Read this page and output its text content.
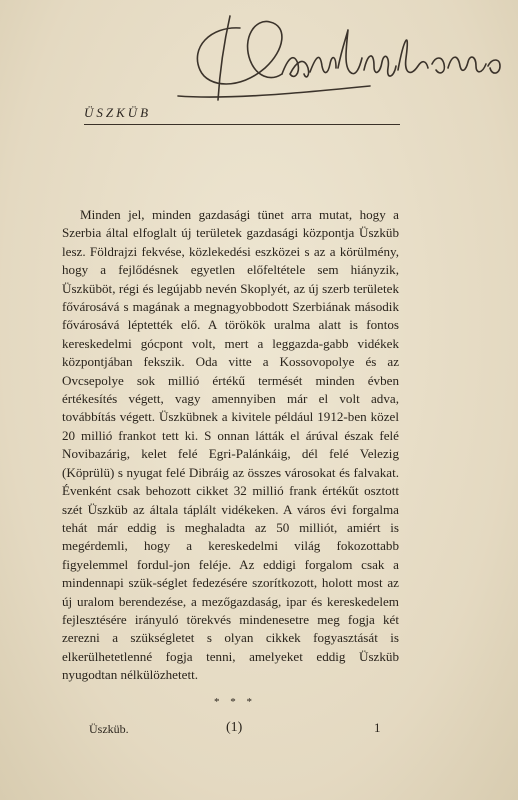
ÜSZKÜB

Minden jel, minden gazdasági tünet arra mutat, hogy a Szerbia által elfoglalt új területek gazdasági központja Üszküb lesz. Földrajzi fekvése, közlekedési eszközei s az a körülmény, hogy a fejlődésnek egyetlen előfeltétele sem hiányzik, Üszküböt, régi és legújabb nevén Skoplyét, az új szerb területek fővárosává s magának a megnagyobbodott Szerbiának második fővárosává léptették elő. A törökök uralma alatt is fontos kereskedelmi gócpont volt, mert a leggazda-gabb vidékek központjában fekszik. Oda vitte a Kossovopolye és az Ovcsepolye sok millió értékű termését minden évben értékesítés végett, vagy amennyiben már el volt adva, továbbítás végett. Üszkübnek a kivitele például 1912-ben közel 20 millió frankot tett ki. S onnan látták el árúval észak felé Novibazárig, kelet felé Egri-Palánkáig, dél felé Velezig (Köprülü) s nyugat felé Dibráig az összes városokat és falvakat. Évenként csak behozott cikket 32 millió frank értékűt osztott szét Üszküb az általa táplált vidékeken. A város évi forgalma tehát már eddig is meghaladta az 50 milliót, amiért is megérdemli, hogy a kereskedelmi világ fokozottabb figyelemmel fordul-jon feléje. Az eddigi forgalom csak a mindennapi szük-séglet fedezésére szorítkozott, holott most az új uralom berendezése, a mezőgazdaság, ipar és kereskedelem fejlesztésére irányuló törekvés mindenesetre meg fogja két zerezni a szükségletet s olyan cikkek fogyasztását is elkerülhetetlenné fogja tenni, amelyeket eddig Üszküb nyugodtan nélkülözhetett.

* * *
Üszküb.	(1)	1
